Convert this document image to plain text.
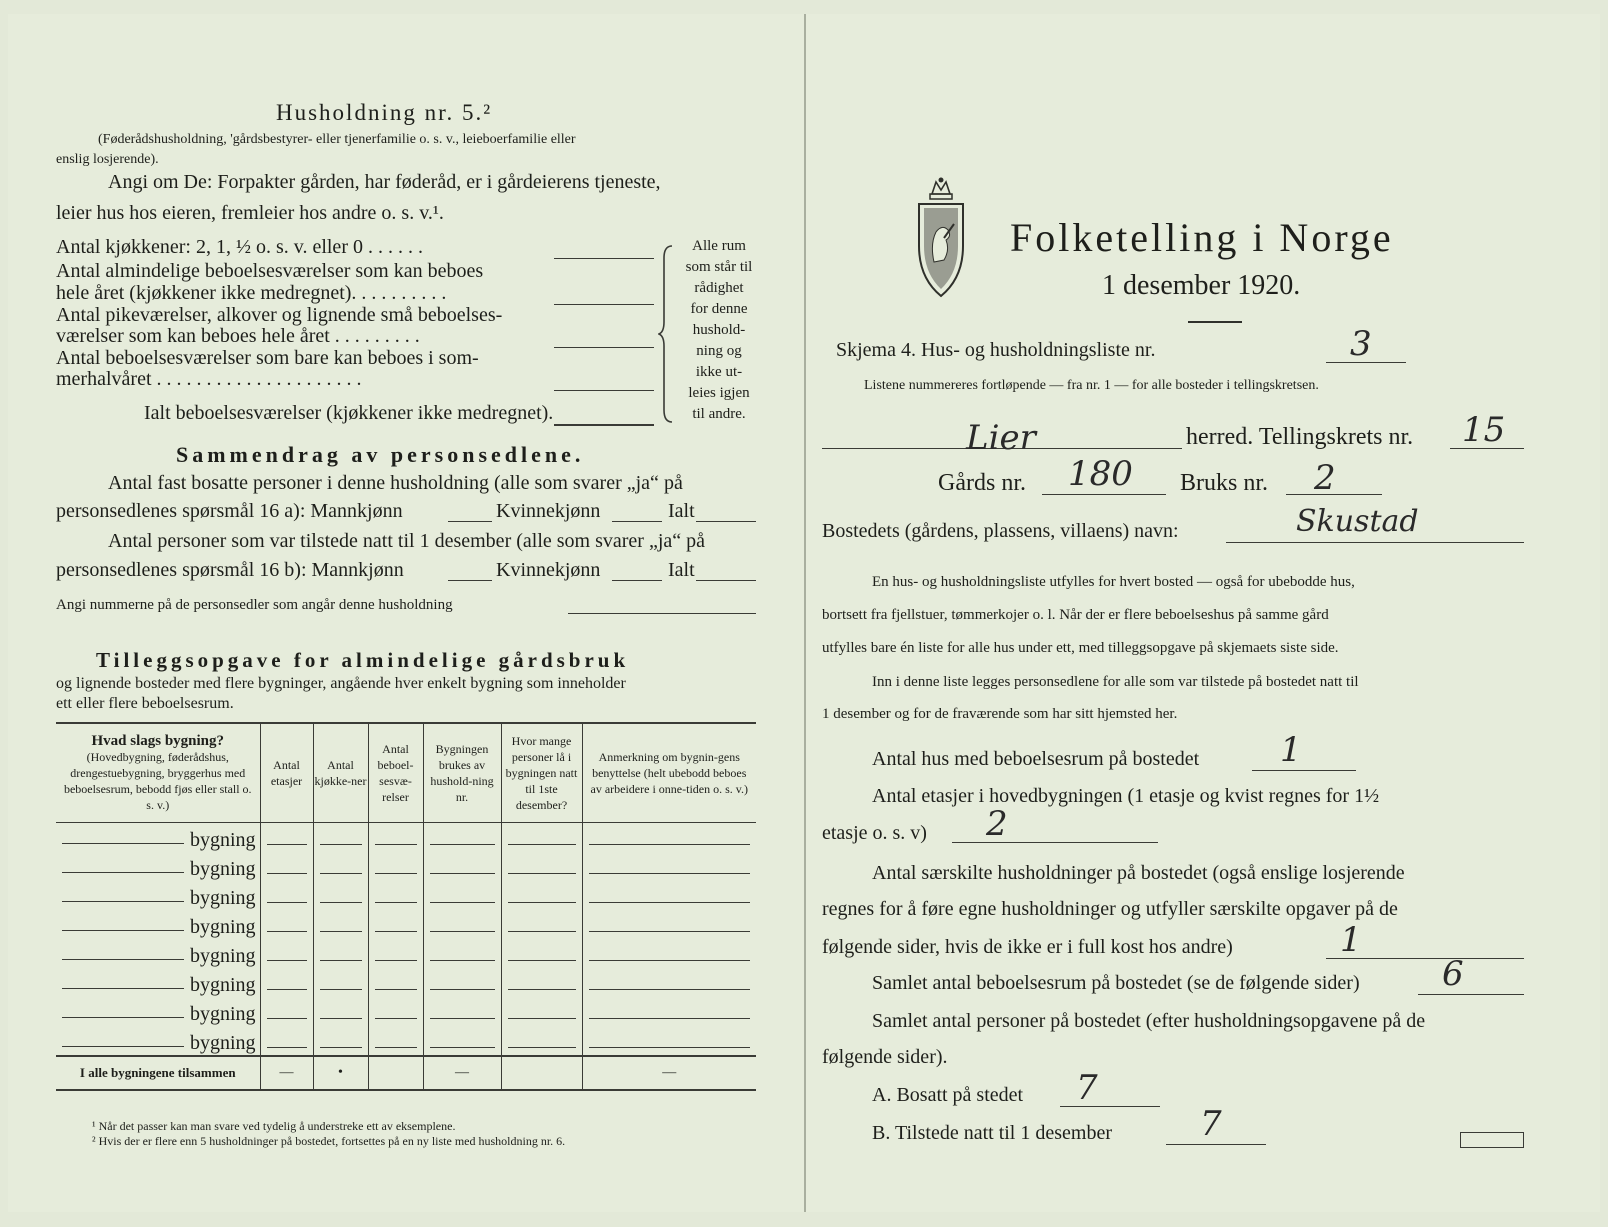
Husholdning nr. 5.²
(Føderådshusholdning, 'gårdsbestyrer- eller tjenerfamilie o. s. v., leieboerfamilie eller
enslig losjerende).
Angi om De: Forpakter gården, har føderåd, er i gårdeierens tjeneste,
leier hus hos eieren, fremleier hos andre o. s. v.¹.
Antal kjøkkener: 2, 1, ½ o. s. v. eller 0 . . . . . .
Antal almindelige beboelsesværelser som kan beboes
hele året (kjøkkener ikke medregnet). . . . . . . . . .
Antal pikeværelser, alkover og lignende små beboelses-
værelser som kan beboes hele året . . . . . . . . .
Antal beboelsesværelser som bare kan beboes i som-
merhalvåret . . . . . . . . . . . . . . . . . . . . .
Ialt beboelsesværelser (kjøkkener ikke medregnet).
Alle rum
som står til
rådighet
for denne
hushold-
ning og
ikke ut-
leies igjen
til andre.
Sammendrag av personsedlene.
Antal fast bosatte personer i denne husholdning (alle som svarer „ja“ på
personsedlenes spørsmål 16 a): Mannkjønn	Kvinnekjønn	Ialt
Antal personer som var tilstede natt til 1 desember (alle som svarer „ja“ på
personsedlenes spørsmål 16 b): Mannkjønn	Kvinnekjønn	Ialt
Angi nummerne på de personsedler som angår denne husholdning
Tilleggsopgave for almindelige gårdsbruk
og lignende bosteder med flere bygninger, angående hver enkelt bygning som inneholder
ett eller flere beboelsesrum.
Hvad slags bygning?
(Hovedbygning, føderådshus, drengestuebygning, bryggerhus med beboelsesrum, bebodd fjøs eller stall o. s. v.)	Antal etasjer	Antal kjøkke-ner	Antal beboel-sesvæ-relser	Bygningen brukes av hushold-ning nr.	Hvor mange personer lå i bygningen natt til 1ste desember?	Anmerkning om bygnin-gens benyttelse (helt ubebodd beboes av arbeidere i onne-tiden o. s. v.)

bygning						

bygning						

bygning						

bygning						

bygning						

bygning						

bygning						

bygning						

I alle bygningene tilsammen	—	•		—		—
¹ Når det passer kan man svare ved tydelig å understreke ett av eksemplene.
² Hvis der er flere enn 5 husholdninger på bostedet, fortsettes på en ny liste med husholdning nr. 6.
Folketelling i Norge
1 desember 1920.
Skjema 4. Hus- og husholdningsliste nr.	3
Listene nummereres fortløpende — fra nr. 1 — for alle bosteder i tellingskretsen.
Lier	herred. Tellingskrets nr. 15
Gårds nr. 180 Bruks nr. 2
Bostedets (gårdens, plassens, villaens) navn:	Skustad
En hus- og husholdningsliste utfylles for hvert bosted — også for ubebodde hus,
bortsett fra fjellstuer, tømmerkojer o. l. Når der er flere beboelseshus på samme gård
utfylles bare én liste for alle hus under ett, med tilleggsopgave på skjemaets siste side.
Inn i denne liste legges personsedlene for alle som var tilstede på bostedet natt til
1 desember og for de fraværende som har sitt hjemsted her.
Antal hus med beboelsesrum på bostedet 1
Antal etasjer i hovedbygningen (1 etasje og kvist regnes for 1½
etasje o. s. v) 2
Antal særskilte husholdninger på bostedet (også enslige losjerende
regnes for å føre egne husholdninger og utfyller særskilte opgaver på de
følgende sider, hvis de ikke er i full kost hos andre)	1
Samlet antal beboelsesrum på bostedet (se de følgende sider) 6
Samlet antal personer på bostedet (efter husholdningsopgavene på de
følgende sider).
A. Bosatt på stedet 7
B. Tilstede natt til 1 desember	7
